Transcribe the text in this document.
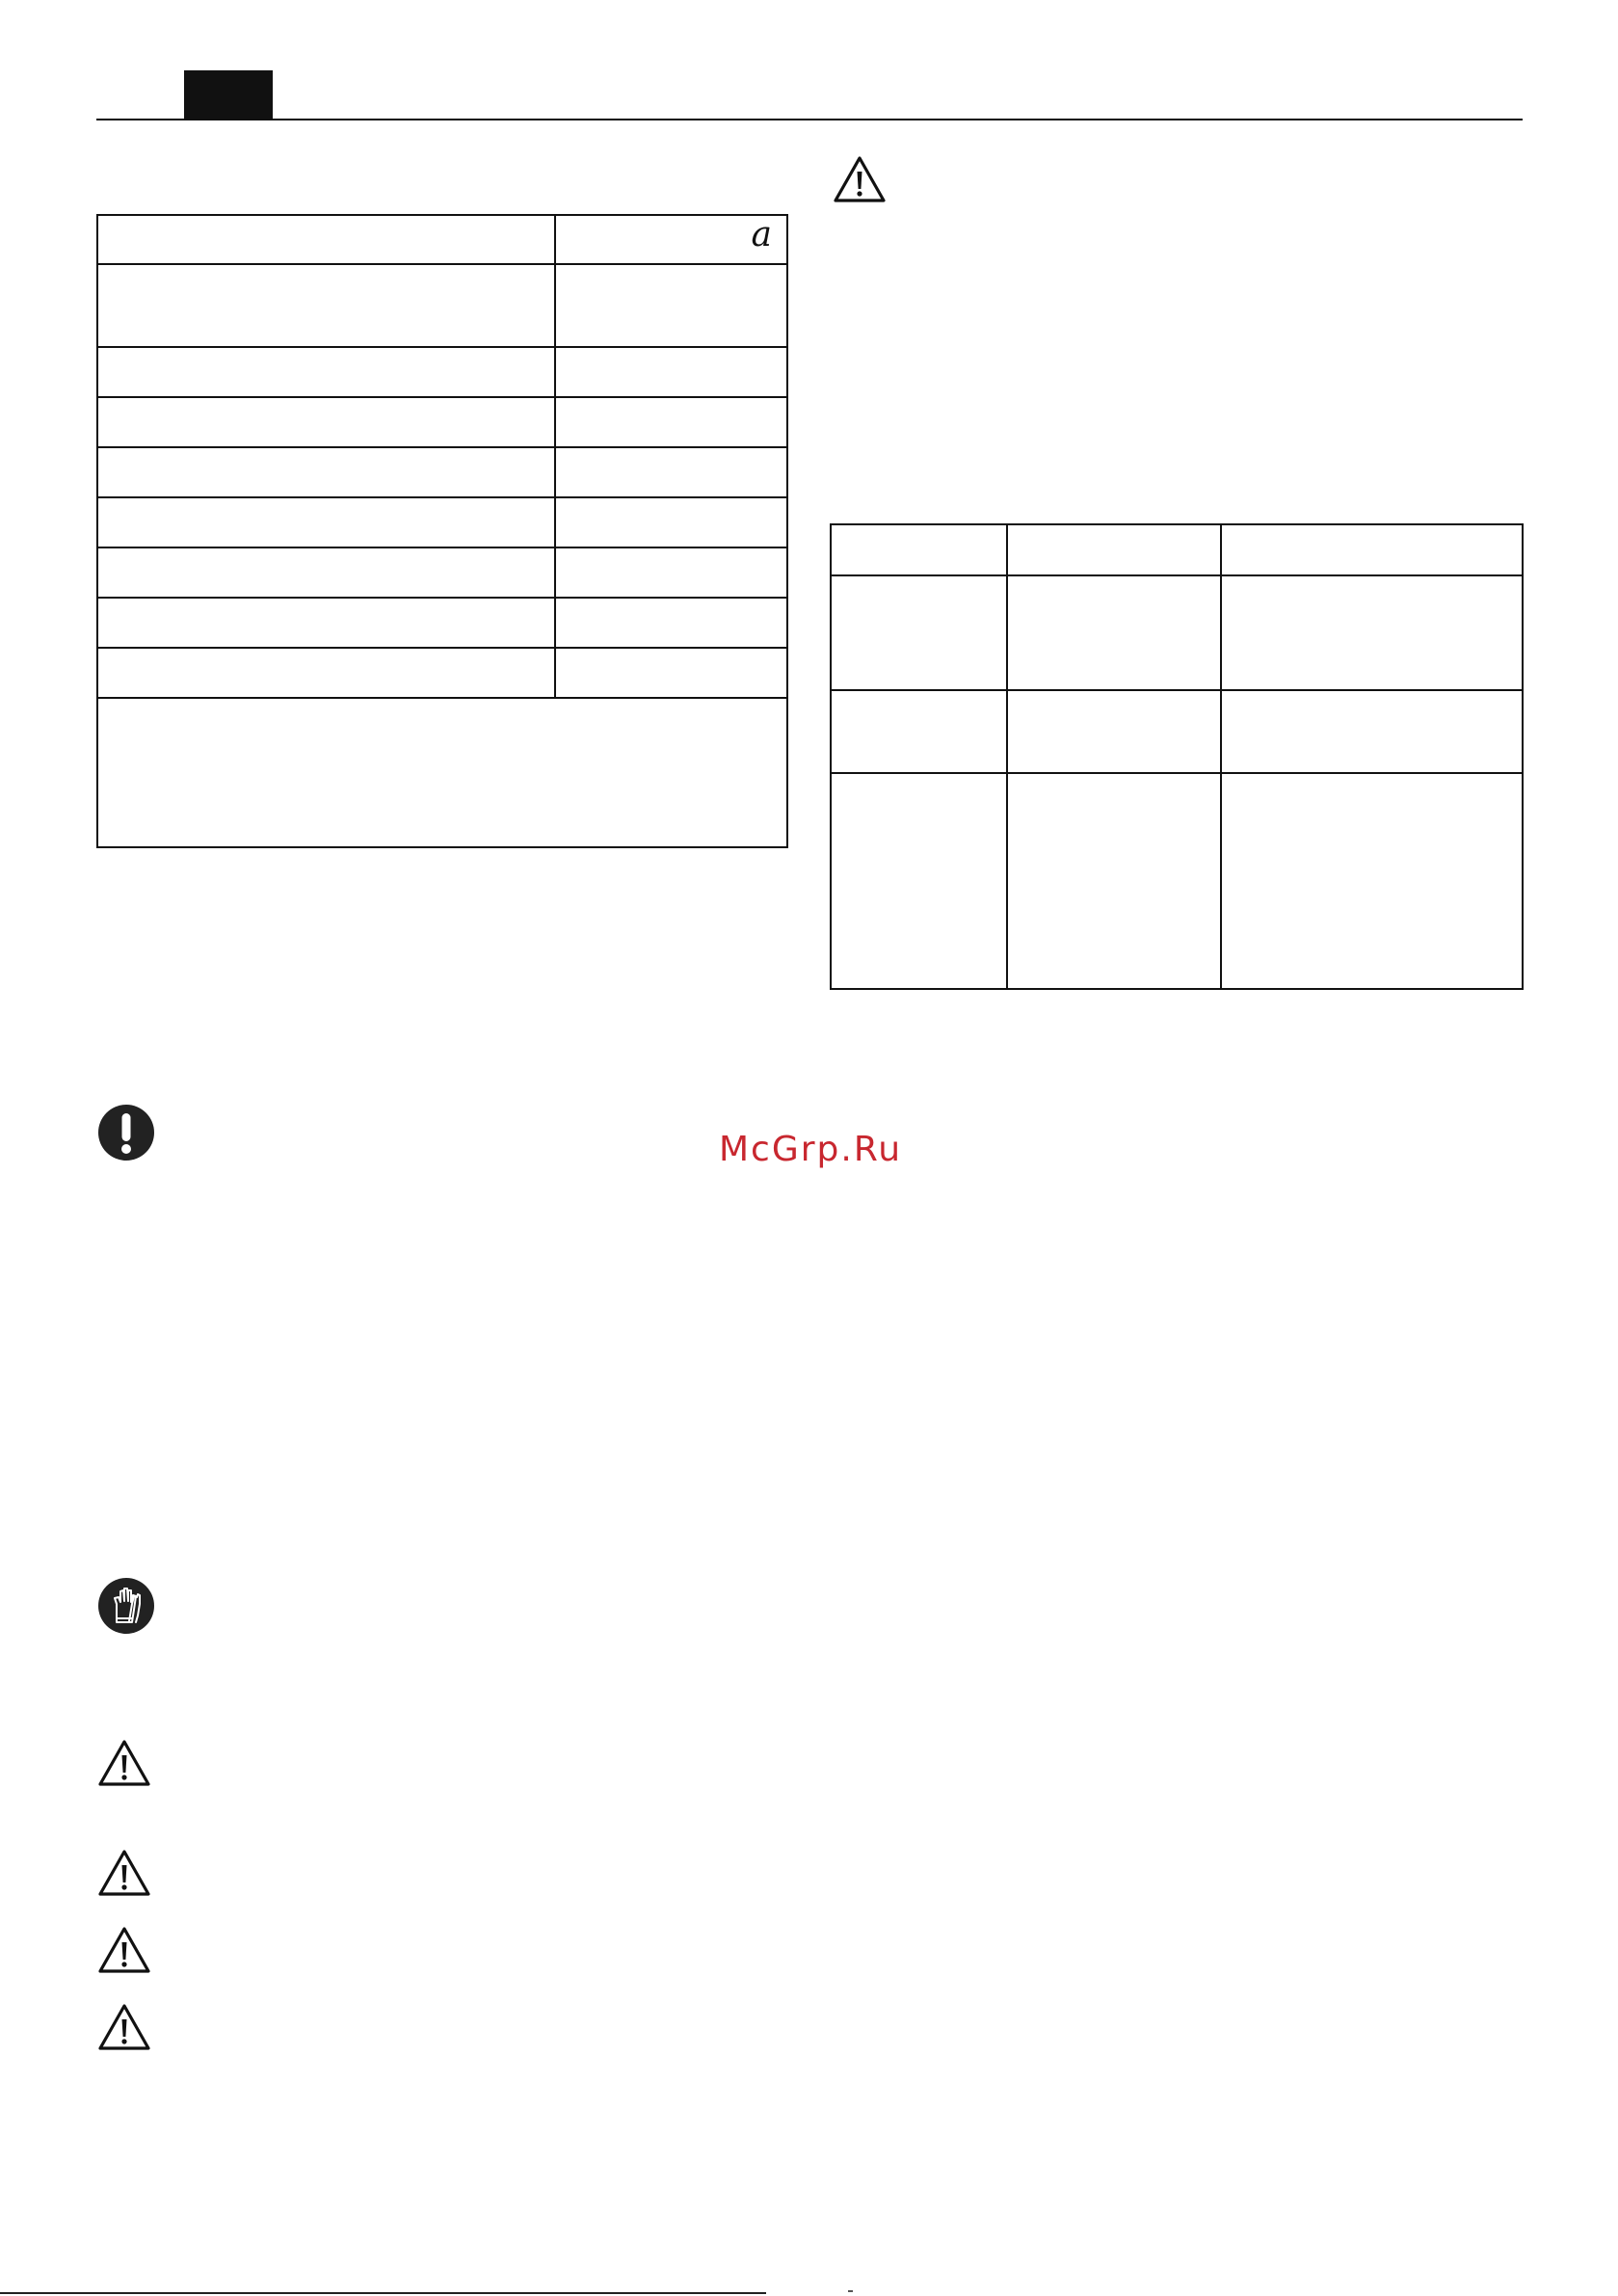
a
McGrp.Ru
